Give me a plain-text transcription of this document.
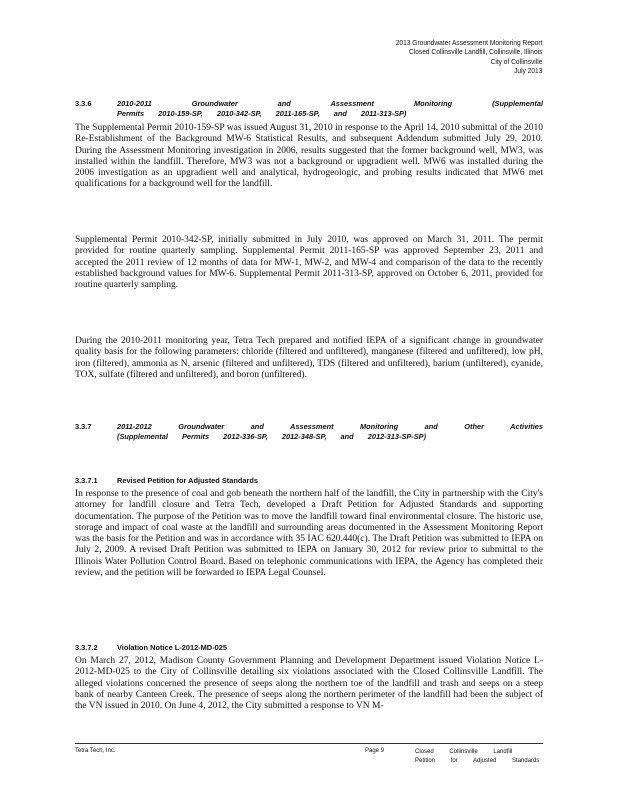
2013 Groundwater Assessment Monitoring Report
Closed Collinsville Landfill, Collinsville, Illinois
City of Collinsville
July 2013
3.3.6	2010-2011 Groundwater and Assessment Monitoring (Supplemental
Permits 2010-159-SP, 2010-342-SP, 2011-165-SP, and 2011-313-SP)
The Supplemental Permit 2010-159-SP was issued August 31, 2010 in response to the April 14, 2010 submittal of the 2010 Re-Establishment of the Background MW-6 Statistical Results, and subsequent Addendum submitted July 29, 2010. During the Assessment Monitoring investigation in 2006, results suggested that the former background well, MW3, was installed within the landfill. Therefore, MW3 was not a background or upgradient well. MW6 was installed during the 2006 investigation as an upgradient well and analytical, hydrogeologic, and probing results indicated that MW6 met qualifications for a background well for the landfill.
Supplemental Permit 2010-342-SP, initially submitted in July 2010, was approved on March 31, 2011. The permit provided for routine quarterly sampling. Supplemental Permit 2011-165-SP was approved September 23, 2011 and accepted the 2011 review of 12 months of data for MW-1, MW-2, and MW-4 and comparison of the data to the recently established background values for MW-6. Supplemental Permit 2011-313-SP, approved on October 6, 2011, provided for routine quarterly sampling.
During the 2010-2011 monitoring year, Tetra Tech prepared and notified IEPA of a significant change in groundwater quality basis for the following parameters: chloride (filtered and unfiltered), manganese (filtered and unfiltered), low pH, iron (filtered), ammonia as N, arsenic (filtered and unfiltered), TDS (filtered and unfiltered), barium (unfiltered), cyanide, TOX, sulfate (filtered and unfiltered), and boron (unfiltered).
3.3.7	2011-2012 Groundwater and Assessment Monitoring and Other Activities
(Supplemental Permits 2012-336-SP, 2012-348-SP, and 2012-313-SP-SP)
3.3.7.1	Revised Petition for Adjusted Standards
In response to the presence of coal and gob beneath the northern half of the landfill, the City in partnership with the City's attorney for landfill closure and Tetra Tech, developed a Draft Petition for Adjusted Standards and supporting documentation. The purpose of the Petition was to move the landfill toward final environmental closure. The historic use, storage and impact of coal waste at the landfill and surrounding areas documented in the Assessment Monitoring Report was the basis for the Petition and was in accordance with 35 IAC 620.440(c). The Draft Petition was submitted to IEPA on July 2, 2009. A revised Draft Petition was submitted to IEPA on January 30, 2012 for review prior to submittal to the Illinois Water Pollution Control Board. Based on telephonic communications with IEPA, the Agency has completed their review, and the petition will be forwarded to IEPA Legal Counsel.
3.3.7.2	Violation Notice L-2012-MD-025
On March 27, 2012, Madison County Government Planning and Development Department issued Violation Notice L-2012-MD-025 to the City of Collinsville detailing six violations associated with the Closed Collinsville Landfill. The alleged violations concerned the presence of seeps along the northern toe of the landfill and trash and seeps on a steep bank of nearby Canteen Creek. The presence of seeps along the northern perimeter of the landfill had been the subject of the VN issued in 2010. On June 4, 2012, the City submitted a response to VN M-
Tetra Tech, Inc.	Page 9	Closed Collinsville Landfill
Petition for Adjusted Standards
